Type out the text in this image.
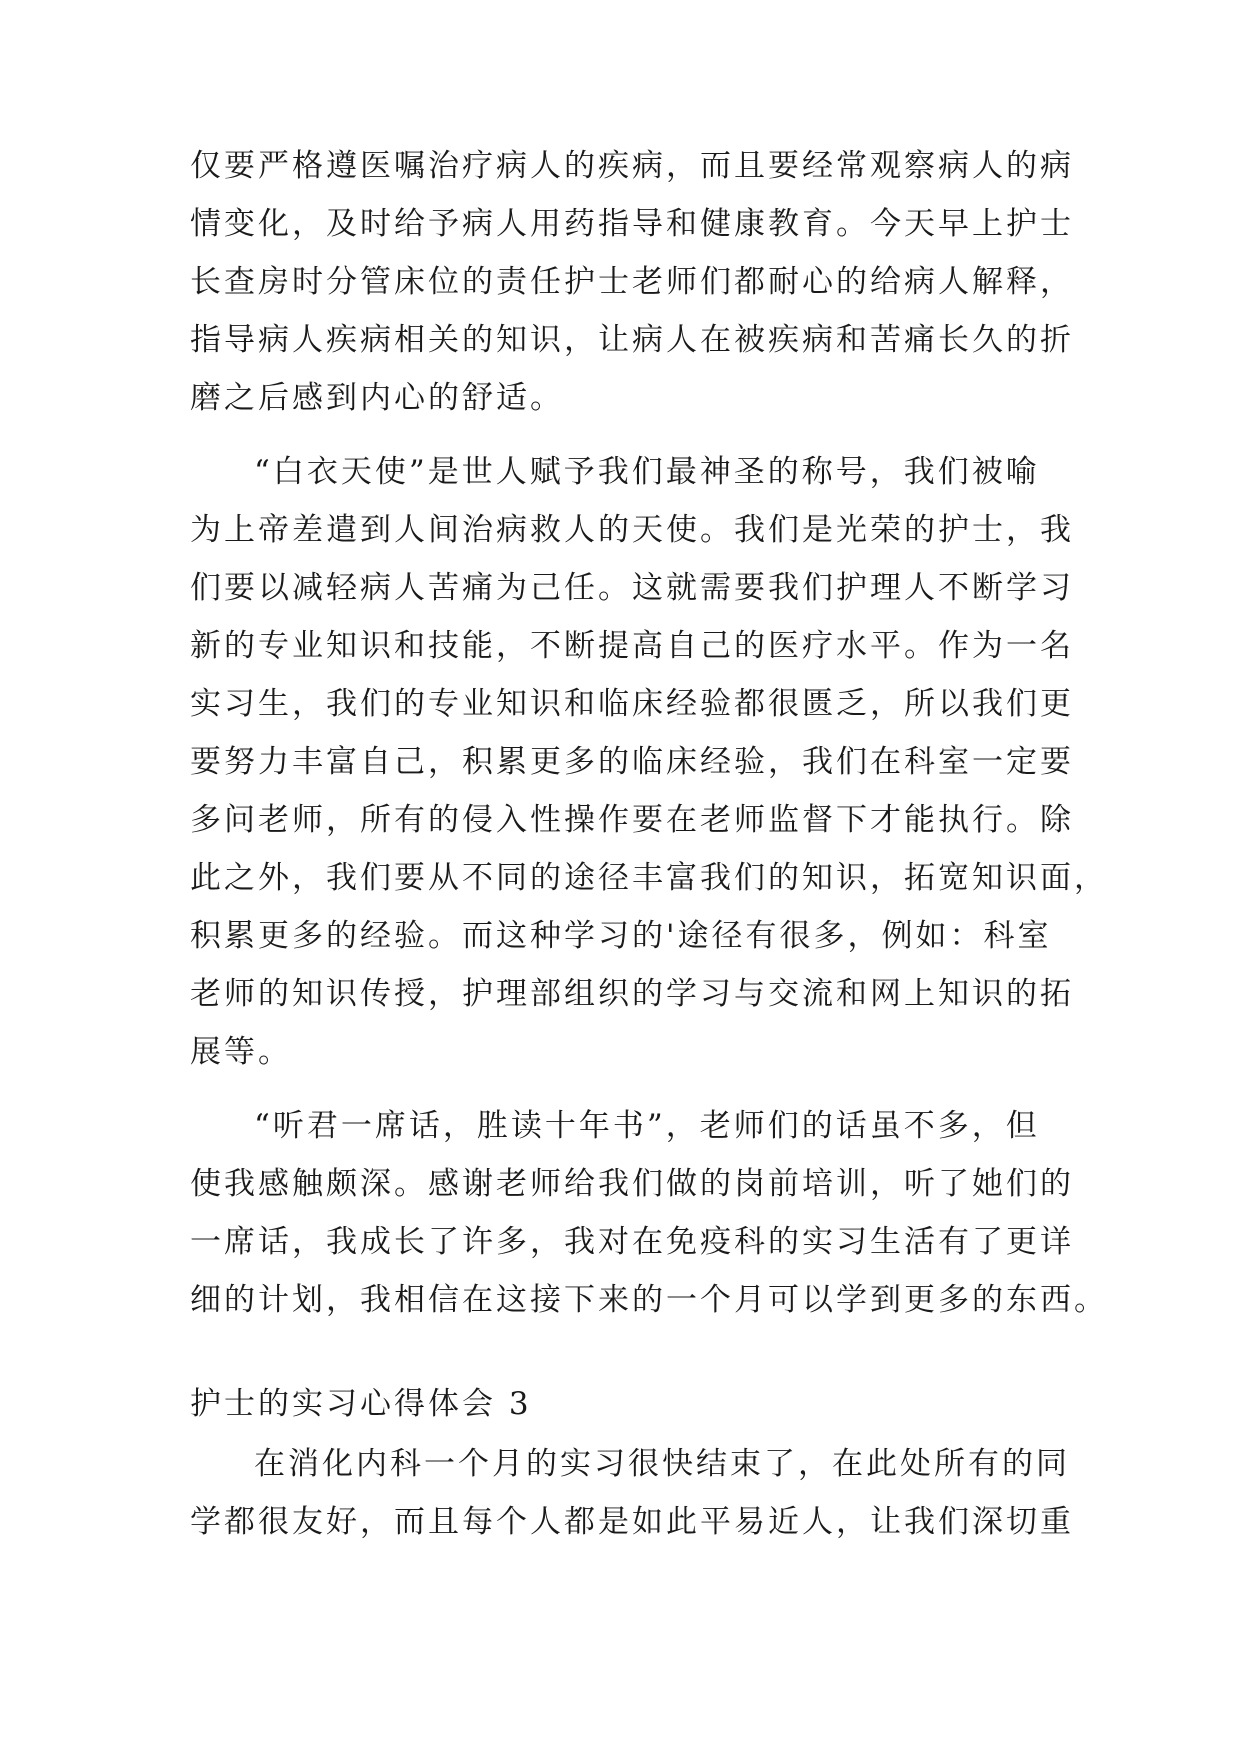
仅要严格遵医嘱治疗病人的疾病，而且要经常观察病人的病
情变化，及时给予病人用药指导和健康教育。今天早上护士
长查房时分管床位的责任护士老师们都耐心的给病人解释，
指导病人疾病相关的知识，让病人在被疾病和苦痛长久的折
磨之后感到内心的舒适。
“白衣天使”是世人赋予我们最神圣的称号，我们被喻
为上帝差遣到人间治病救人的天使。我们是光荣的护士，我
们要以减轻病人苦痛为己任。这就需要我们护理人不断学习
新的专业知识和技能，不断提高自己的医疗水平。作为一名
实习生，我们的专业知识和临床经验都很匮乏，所以我们更
要努力丰富自己，积累更多的临床经验，我们在科室一定要
多问老师，所有的侵入性操作要在老师监督下才能执行。除
此之外，我们要从不同的途径丰富我们的知识，拓宽知识面，
积累更多的经验。而这种学习的'途径有很多，例如：科室
老师的知识传授，护理部组织的学习与交流和网上知识的拓
展等。
“听君一席话，胜读十年书”，老师们的话虽不多，但
使我感触颇深。感谢老师给我们做的岗前培训，听了她们的
一席话，我成长了许多，我对在免疫科的实习生活有了更详
细的计划，我相信在这接下来的一个月可以学到更多的东西。
护士的实习心得体会 3
在消化内科一个月的实习很快结束了，在此处所有的同
学都很友好，而且每个人都是如此平易近人，让我们深切重
